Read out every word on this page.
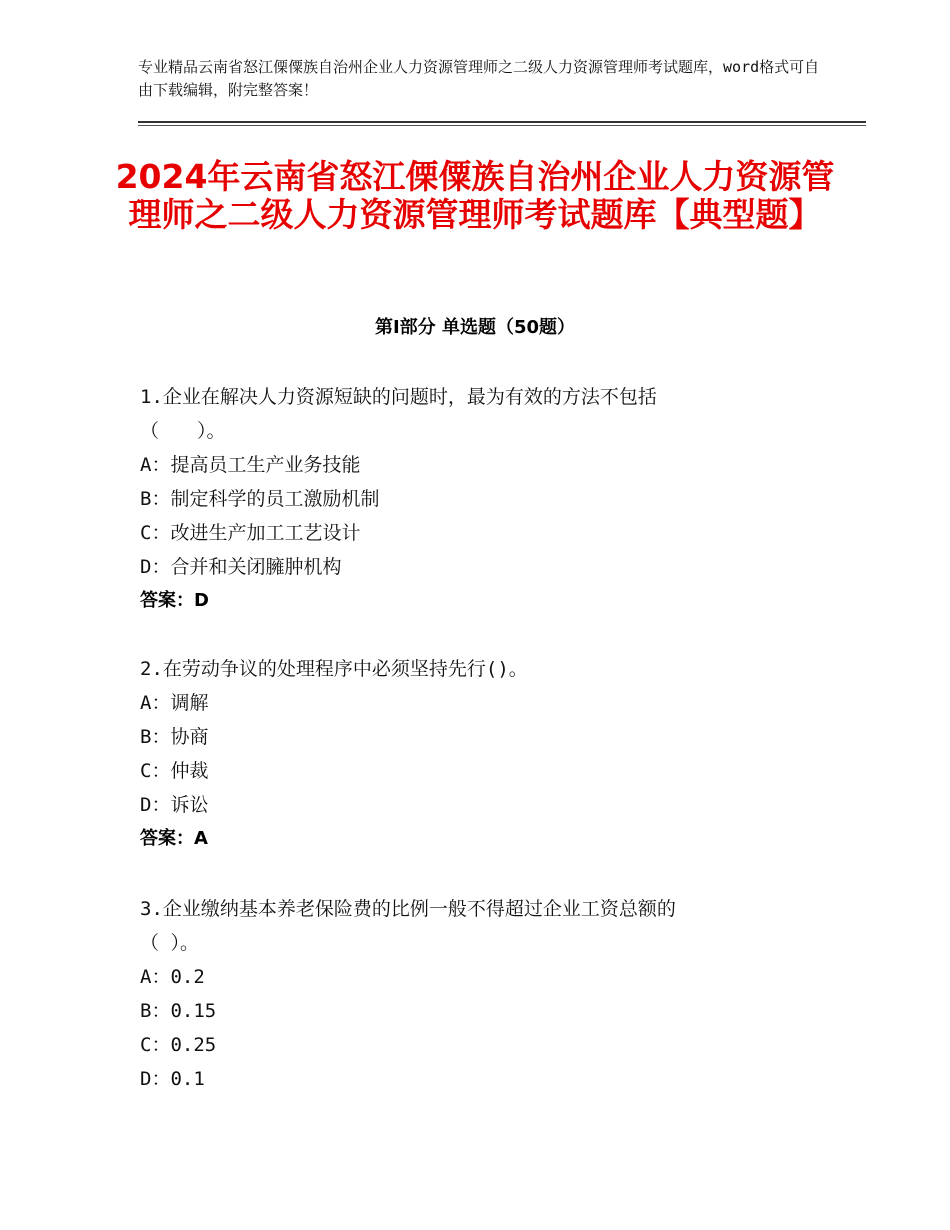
专业精品云南省怒江傈僳族自治州企业人力资源管理师之二级人力资源管理师考试题库，word格式可自由下载编辑，附完整答案！

2024年云南省怒江傈僳族自治州企业人力资源管理师之二级人力资源管理师考试题库【典型题】
第Ⅰ部分 单选题（50题）

1.企业在解决人力资源短缺的问题时，最为有效的方法不包括
（　　）。

A：提高员工生产业务技能

B：制定科学的员工激励机制

C：改进生产加工工艺设计

D：合并和关闭臃肿机构

答案：D

2.在劳动争议的处理程序中必须坚持先行()。

A：调解

B：协商

C：仲裁

D：诉讼

答案：A

3.企业缴纳基本养老保险费的比例一般不得超过企业工资总额的
（ ）。

A：0.2

B：0.15

C：0.25

D：0.1
